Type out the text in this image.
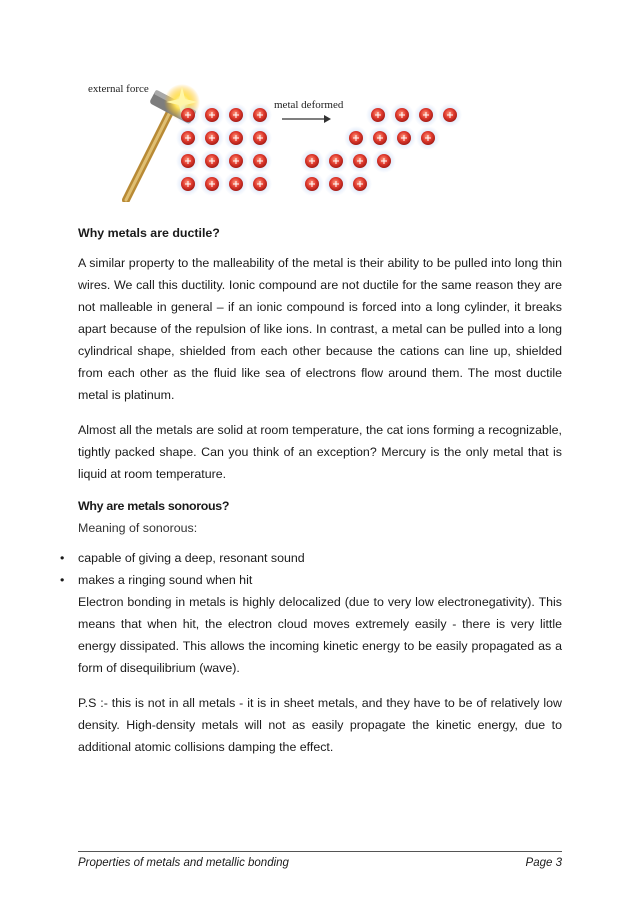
external force
metal deformed
Why metals are ductile?
A similar property to the malleability of the metal is their ability to be pulled into long thin wires. We call this ductility. Ionic compound are not ductile for the same reason they are not malleable in general – if an ionic compound is forced into a long cylinder, it breaks apart because of the repulsion of like ions. In contrast, a metal can be pulled into a long cylindrical shape, shielded from each other because the cations can line up, shielded from each other as the fluid like sea of electrons flow around them. The most ductile metal is platinum.
Almost all the metals are solid at room temperature, the cat ions forming a recognizable, tightly packed shape. Can you think of an exception? Mercury is the only metal that is liquid at room temperature.
Why are metals sonorous?
Meaning of sonorous:
• capable of giving a deep, resonant sound
• makes a ringing sound when hit
Electron bonding in metals is highly delocalized (due to very low electronegativity). This means that when hit, the electron cloud moves extremely easily - there is very little energy dissipated. This allows the incoming kinetic energy to be easily propagated as a form of disequilibrium (wave).
P.S :- this is not in all metals - it is in sheet metals, and they have to be of relatively low density. High-density metals will not as easily propagate the kinetic energy, due to additional atomic collisions damping the effect.
Properties of metals and metallic bonding	Page 3
